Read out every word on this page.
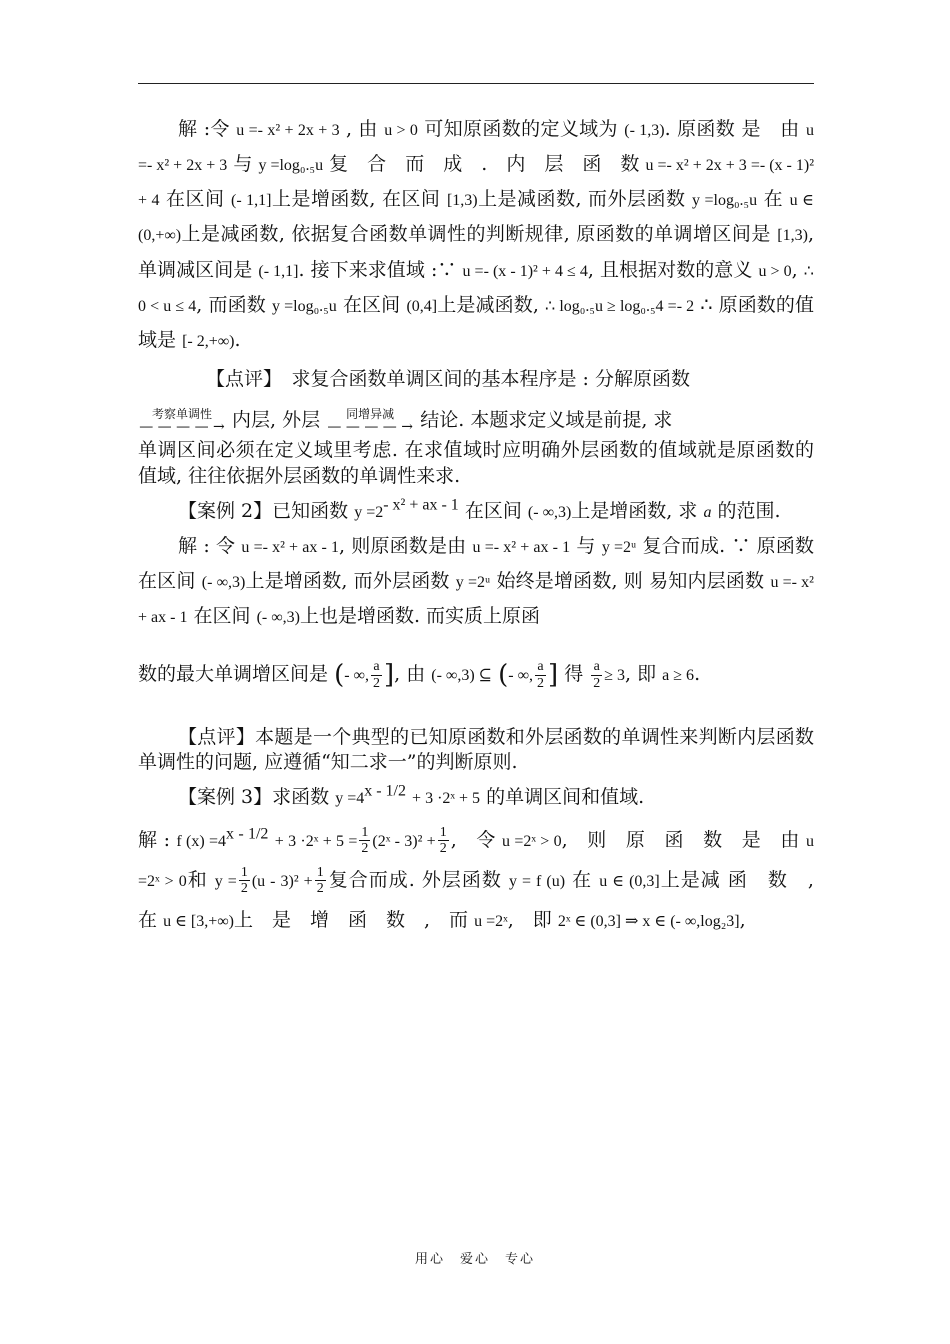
解 :令 u =- x² + 2x + 3 , 由 u > 0 可知原函数的定义域为 (- 1,3). 原函数 是　由 u =- x² + 2x + 3 与 y =log₀.₅u 复　合　而　成　.　内　层　函　数 u =- x² + 2x + 3 =- (x - 1)² + 4 在区间 (- 1,1]上是增函数, 在区间 [1,3)上是减函数, 而外层函数 y =log₀.₅u 在 u ∈ (0,+∞)上是减函数, 依据复合函数单调性的判断规律, 原函数的单调增区间是 [1,3), 单调减区间是 (- 1,1]. 接下来求值域 :∵ u =- (x - 1)² + 4 ≤ 4, 且根据对数的意义 u > 0, ∴ 0 < u ≤ 4, 而函数 y =log₀.₅u 在区间 (0,4]上是减函数, ∴ log₀.₅u ≥ log₀.₅4 =- 2 ∴ 原函数的值域是 [- 2,+∞).

【点评】　求复合函数单调区间的基本程序是 : 分解原函数

考察单调性
— — — — → 内层, 外层	同增异减
— — — — → 结论. 本题求定义域是前提, 求

单调区间必须在定义域里考虑. 在求值域时应明确外层函数的值域就是原函数的值域, 往往依据外层函数的单调性来求.

【案例 2】已知函数 $y =2^{- x^2 + ax - 1}$ 在区间 (- ∞,3)上是增函数, 求 a 的范围.

解 : 令 u =- x² + ax - 1, 则原函数是由 u =- x² + ax - 1 与 y =2ᵘ 复合而成. ∵ 原函数在区间 (- ∞,3)上是增函数, 而外层函数 y =2ᵘ 始终是增函数, 则 易知内层函数 u =- x² + ax - 1 在区间 (- ∞,3)上也是增函数. 而实质上原函

数的最大单调增区间是 (- ∞, $\frac{a}{2}$ ], 由 (- ∞,3) ⊆ (- ∞, $\frac{a}{2}$ ] 得 $\frac{a}{2} \ge 3$, 即 a ≥ 6.

【点评】本题是一个典型的已知原函数和外层函数的单调性来判断内层函数单调性的问题, 应遵循“知二求一”的判断原则.

【案例 3】求函数 $y =4^{x - 1/2} + 3$ ·2ˣ + 5 的单调区间和值域.

解 : f $(x) =4^{x - 1/2} + 3$ ·2ˣ + $5 = \frac{1}{2}$ (2ˣ - $3)^2 + \frac{1}{2}$ ,　令 u =2ˣ > 0,　则　原　函　数　是　由 u =2ˣ > 0和 $y = \frac{1}{2} (u - 3)^2 + \frac{1}{2}$ 复合而成. 外层函数 y = f (u) 在 u ∈ (0,3]上是减 函　数　,　在 u ∈ [3,+∞)上　是　增　函　数　,　而 u =2ˣ,　即 2ˣ ∈ (0,3] ⇒ x ∈ (- ∞,log₂3],

用心　爱心　专心
